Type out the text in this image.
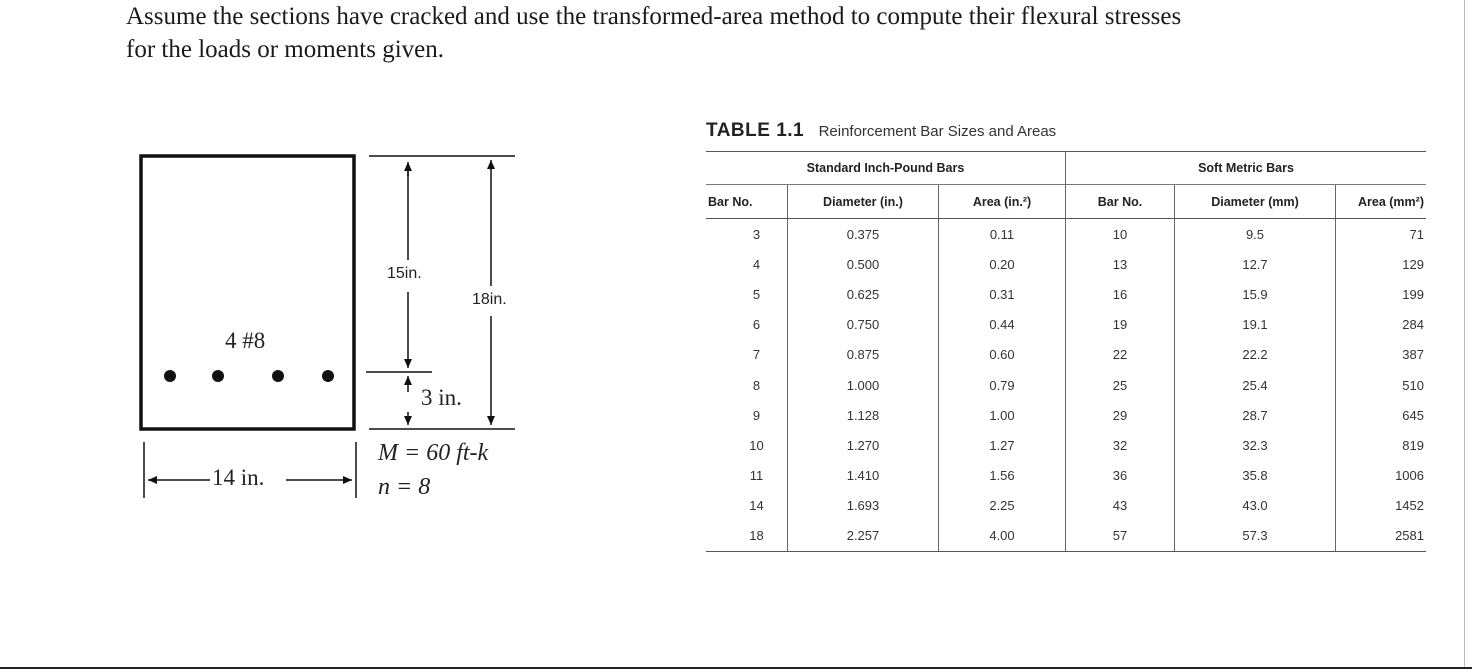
Assume the sections have cracked and use the transformed-area method to compute their flexural stresses
for the loads or moments given.
4 #8
15in.
18in.
3 in.
14 in.
M = 60 ft-k
n = 8
TABLE 1.1 Reinforcement Bar Sizes and Areas
Standard Inch-Pound Bars			Soft Metric Bars		
Bar No.	Diameter (in.)	Area (in.²)	Bar No.	Diameter (mm)	Area (mm²)
3	0.375	0.11	10	9.5	71
4	0.500	0.20	13	12.7	129
5	0.625	0.31	16	15.9	199
6	0.750	0.44	19	19.1	284
7	0.875	0.60	22	22.2	387
8	1.000	0.79	25	25.4	510
9	1.128	1.00	29	28.7	645
10	1.270	1.27	32	32.3	819
11	1.410	1.56	36	35.8	1006
14	1.693	2.25	43	43.0	1452
18	2.257	4.00	57	57.3	2581
